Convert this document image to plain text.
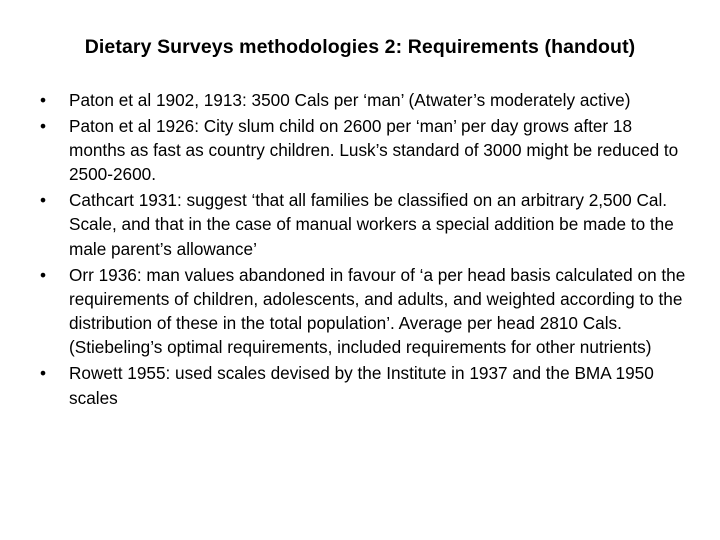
Dietary Surveys methodologies 2: Requirements (handout)
•	Paton et al 1902, 1913: 3500 Cals per ‘man’ (Atwater’s moderately active)
•	Paton et al 1926: City slum child on 2600 per ‘man’ per day grows after 18 months as fast as country children. Lusk’s standard of 3000 might be reduced to 2500-2600.
•	Cathcart 1931: suggest ‘that all families be classified on an arbitrary 2,500 Cal. Scale, and that in the case of manual workers a special addition be made to the male parent’s allowance’
•	Orr 1936: man values abandoned in favour of ‘a per head basis calculated on the requirements of children, adolescents, and adults, and weighted according to the distribution of these in the total population’. Average per head 2810 Cals. (Stiebeling’s optimal requirements, included requirements for other nutrients)
•	Rowett 1955: used scales devised by the Institute in 1937 and the BMA 1950 scales
